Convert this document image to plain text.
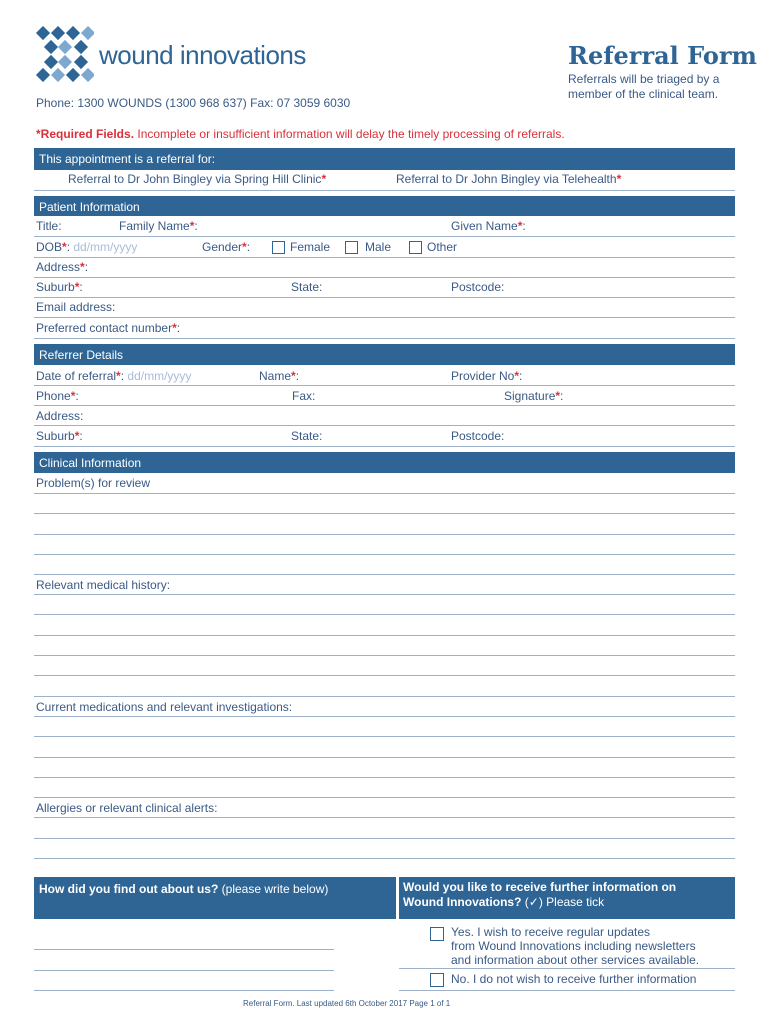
wound innovations	Referral Form
Referrals will be triaged by a
member of the clinical team.
Phone: 1300 WOUNDS (1300 968 637) Fax: 07 3059 6030
*Required Fields. Incomplete or insufficient information will delay the timely processing of referrals.
This appointment is a referral for:
Referral to Dr John Bingley via Spring Hill Clinic*	Referral to Dr John Bingley via Telehealth*
Patient Information
Title:	Family Name*:	Given Name*:
DOB*: dd/mm/yyyy	Gender*:	Female	Male	Other
Address*:
Suburb*:	State:	Postcode:
Email address:
Preferred contact number*:
Referrer Details
Date of referral*: dd/mm/yyyy	Name*:	Provider No*:
Phone*:	Fax:	Signature*:
Address:
Suburb*:	State:	Postcode:
Clinical Information
Problem(s) for review
Relevant medical history:
Current medications and relevant investigations:
Allergies or relevant clinical alerts:
How did you find out about us? (please write below)	Would you like to receive further information on
Wound Innovations? (✓) Please tick
Yes. I wish to receive regular updates
from Wound Innovations including newsletters
and information about other services available.
No. I do not wish to receive further information
Referral Form. Last updated 6th October 2017 Page 1 of 1
